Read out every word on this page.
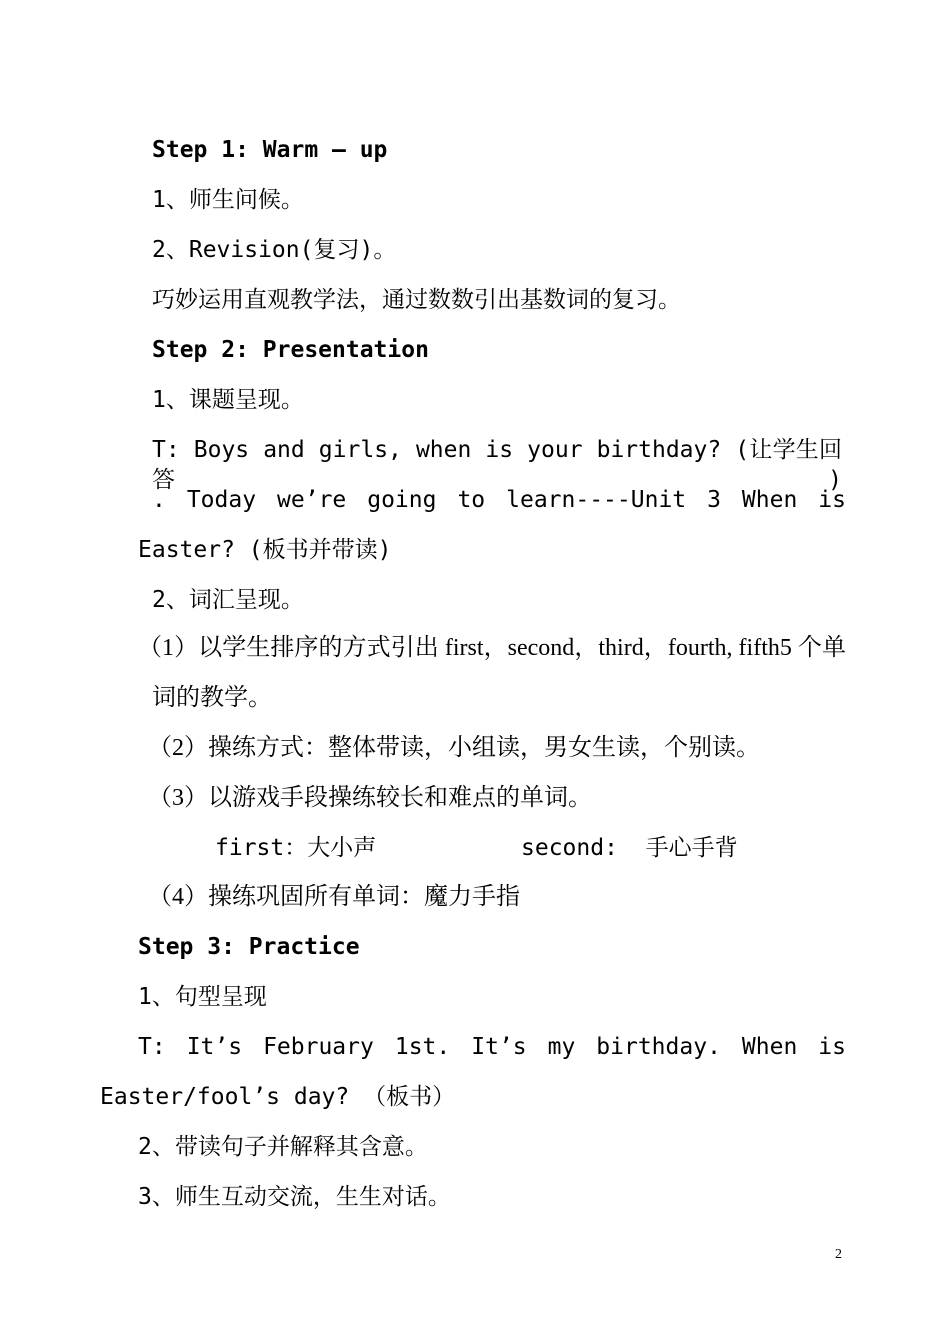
Step 1: Warm — up
1、师生问候。
2、Revision(复习)。
巧妙运用直观教学法，通过数数引出基数词的复习。
Step 2: Presentation
1、课题呈现。
T: Boys and girls, when is your birthday? (让学生回答)
. Today we’re going to learn----Unit 3 When is
Easter? (板书并带读)
2、词汇呈现。
（1）以学生排序的方式引出 first，second，third，fourth, fifth5 个单
词的教学。
（2）操练方式：整体带读，小组读，男女生读，个别读。
（3）以游戏手段操练较长和难点的单词。
first：大小声	second:  手心手背
（4）操练巩固所有单词：魔力手指
Step 3: Practice
1、句型呈现
T: It’s February 1st. It’s my birthday. When is
Easter/fool’s day? （板书）
2、带读句子并解释其含意。
3、师生互动交流，生生对话。
2
